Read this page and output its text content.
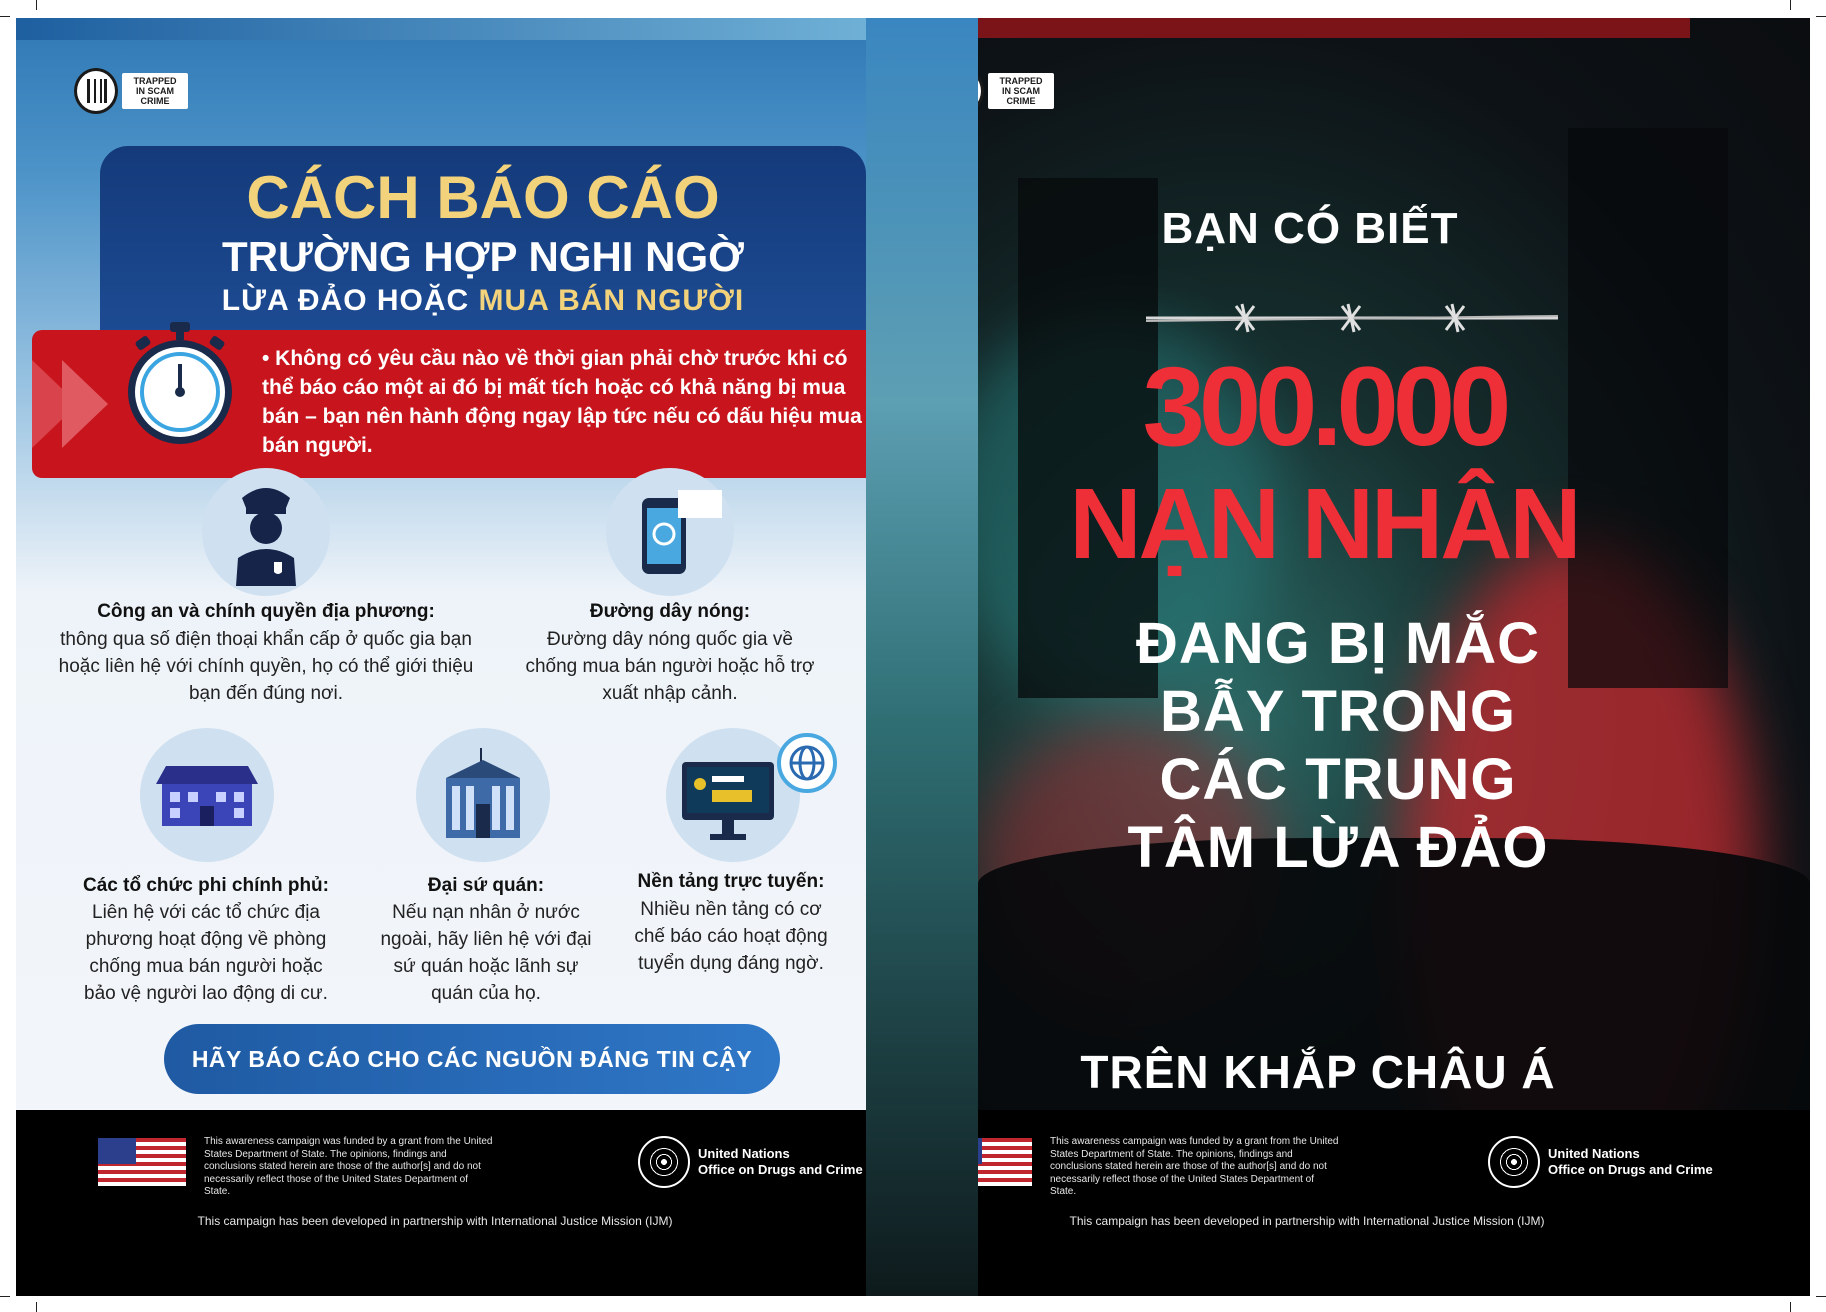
TRAPPED IN SCAM CRIME
CÁCH BÁO CÁO
TRƯỜNG HỢP NGHI NGỜ
LỪA ĐẢO HOẶC MUA BÁN NGƯỜI
• Không có yêu cầu nào về thời gian phải chờ trước khi có thể báo cáo một ai đó bị mất tích hoặc có khả năng bị mua bán – bạn nên hành động ngay lập tức nếu có dấu hiệu mua bán người.
Công an và chính quyền địa phương:
thông qua số điện thoại khẩn cấp ở quốc gia bạn hoặc liên hệ với chính quyền, họ có thể giới thiệu bạn đến đúng nơi.
Đường dây nóng:
Đường dây nóng quốc gia về chống mua bán người hoặc hỗ trợ xuất nhập cảnh.
Các tổ chức phi chính phủ:
Liên hệ với các tổ chức địa phương hoạt động về phòng chống mua bán người hoặc bảo vệ người lao động di cư.
Đại sứ quán:
Nếu nạn nhân ở nước ngoài, hãy liên hệ với đại sứ quán hoặc lãnh sự quán của họ.
Nền tảng trực tuyến:
Nhiều nền tảng có cơ chế báo cáo hoạt động tuyển dụng đáng ngờ.
HÃY BÁO CÁO CHO CÁC NGUỒN ĐÁNG TIN CẬY
This awareness campaign was funded by a grant from the United States Department of State. The opinions, findings and conclusions stated herein are those of the author[s] and do not necessarily reflect those of the United States Department of State.
United Nations
Office on Drugs and Crime
This campaign has been developed in partnership with International Justice Mission (IJM)
TRAPPED IN SCAM CRIME
BẠN CÓ BIẾT
300.000
NẠN NHÂN
ĐANG BỊ MẮC BẪY TRONG CÁC TRUNG TÂM LỪA ĐẢO
TRÊN KHẮP CHÂU Á
This awareness campaign was funded by a grant from the United States Department of State. The opinions, findings and conclusions stated herein are those of the author[s] and do not necessarily reflect those of the United States Department of State.
United Nations
Office on Drugs and Crime
This campaign has been developed in partnership with International Justice Mission (IJM)
